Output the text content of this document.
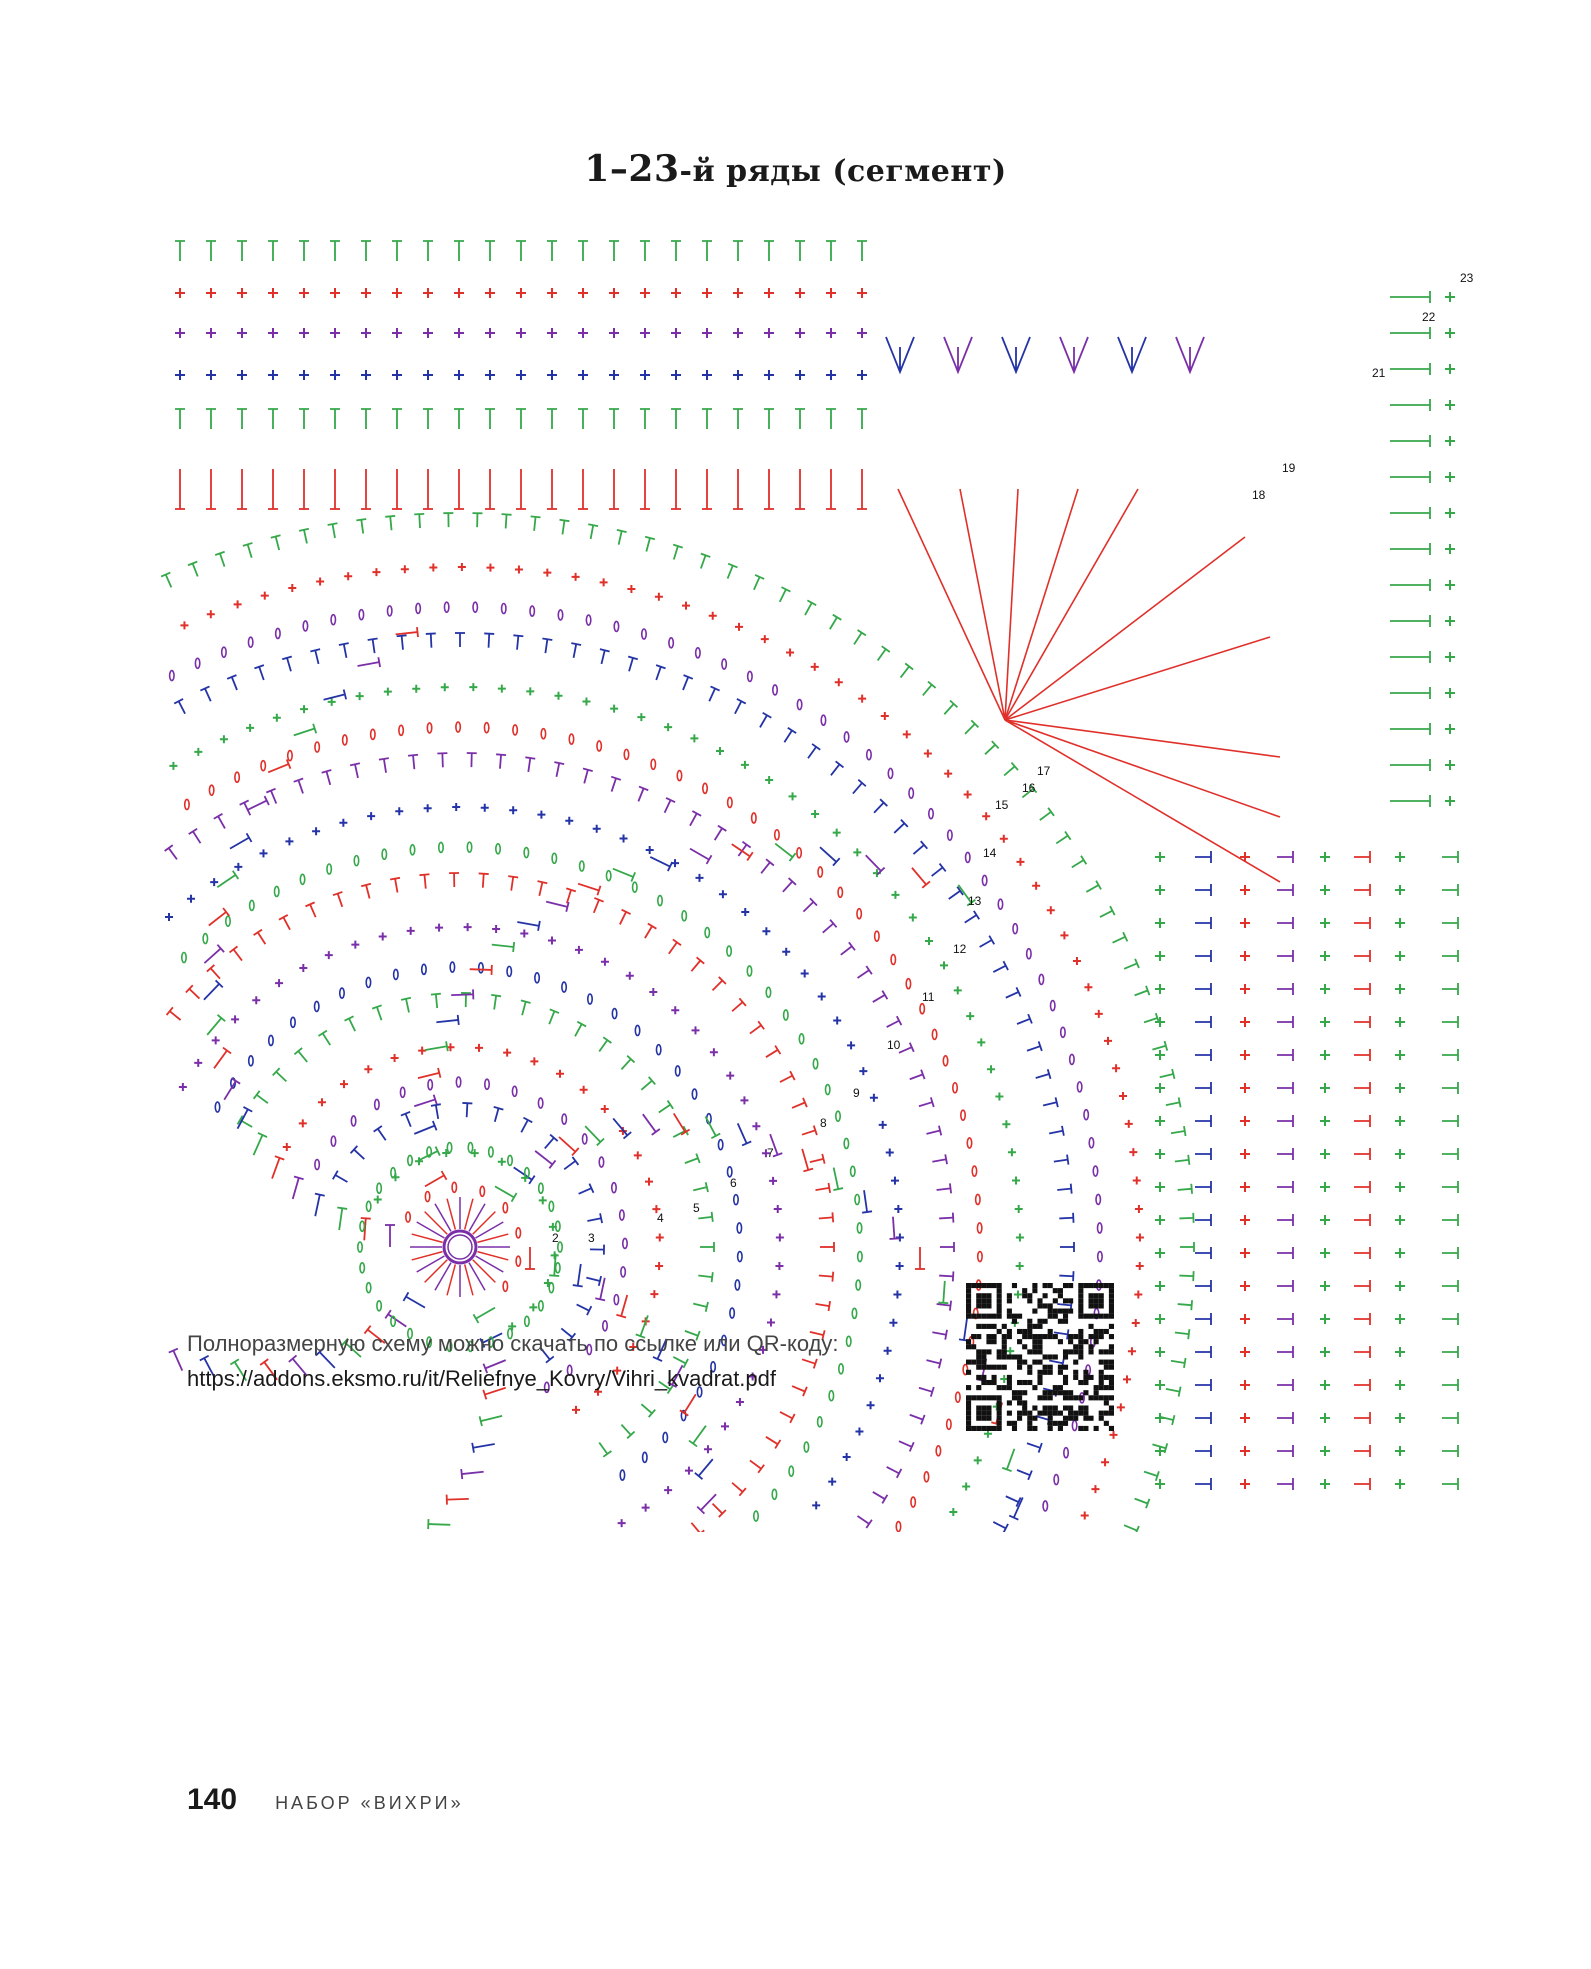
1–23-й ряды (сегмент)
23
22
21
19
18
17
16
15
14
13
12
11
10
9
8
7
6
5
4
3
2
Полноразмерную схему можно скачать по ссылке или QR-коду:
https://addons.eksmo.ru/it/Reliefnye_Kovry/Vihri_kvadrat.pdf
140 НАБОР «ВИХРИ»
